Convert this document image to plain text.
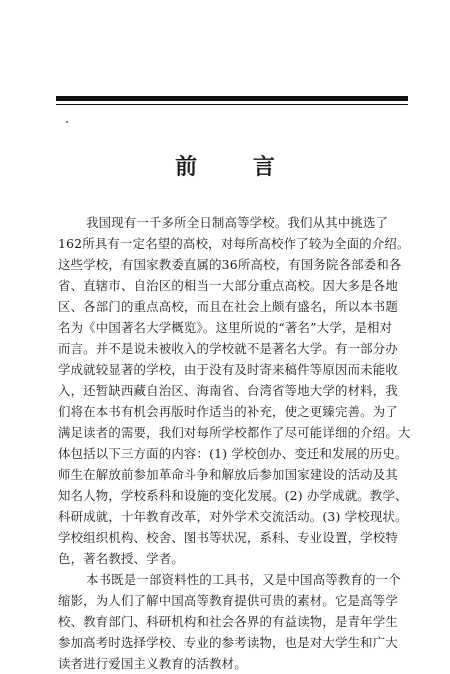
前 言
我国现有一千多所全日制高等学校。我们从其中挑选了
162所具有一定名望的高校，对每所高校作了较为全面的介绍。
这些学校，有国家教委直属的36所高校，有国务院各部委和各
省、直辖市、自治区的相当一大部分重点高校。因大多是各地
区、各部门的重点高校，而且在社会上颇有盛名，所以本书题
名为《中国著名大学概览》。这里所说的“著名”大学，是相对
而言。并不是说未被收入的学校就不是著名大学。有一部分办
学成就较显著的学校，由于没有及时寄来稿件等原因而未能收
入，还暂缺西藏自治区、海南省、台湾省等地大学的材料，我
们将在本书有机会再版时作适当的补充，使之更臻完善。为了
满足读者的需要，我们对每所学校都作了尽可能详细的介绍。大
体包括以下三方面的内容：(1) 学校创办、变迁和发展的历史。
师生在解放前参加革命斗争和解放后参加国家建设的活动及其
知名人物，学校系科和设施的变化发展。(2) 办学成就。教学、
科研成就，十年教育改革，对外学术交流活动。(3) 学校现状。
学校组织机构、校舍、图书等状况，系科、专业设置，学校特
色，著名教授、学者。
本书既是一部资料性的工具书，又是中国高等教育的一个
缩影，为人们了解中国高等教育提供可贵的素材。它是高等学
校、教育部门、科研机构和社会各界的有益读物，是青年学生
参加高考时选择学校、专业的参考读物，也是对大学生和广大
读者进行爱国主义教育的活教材。
